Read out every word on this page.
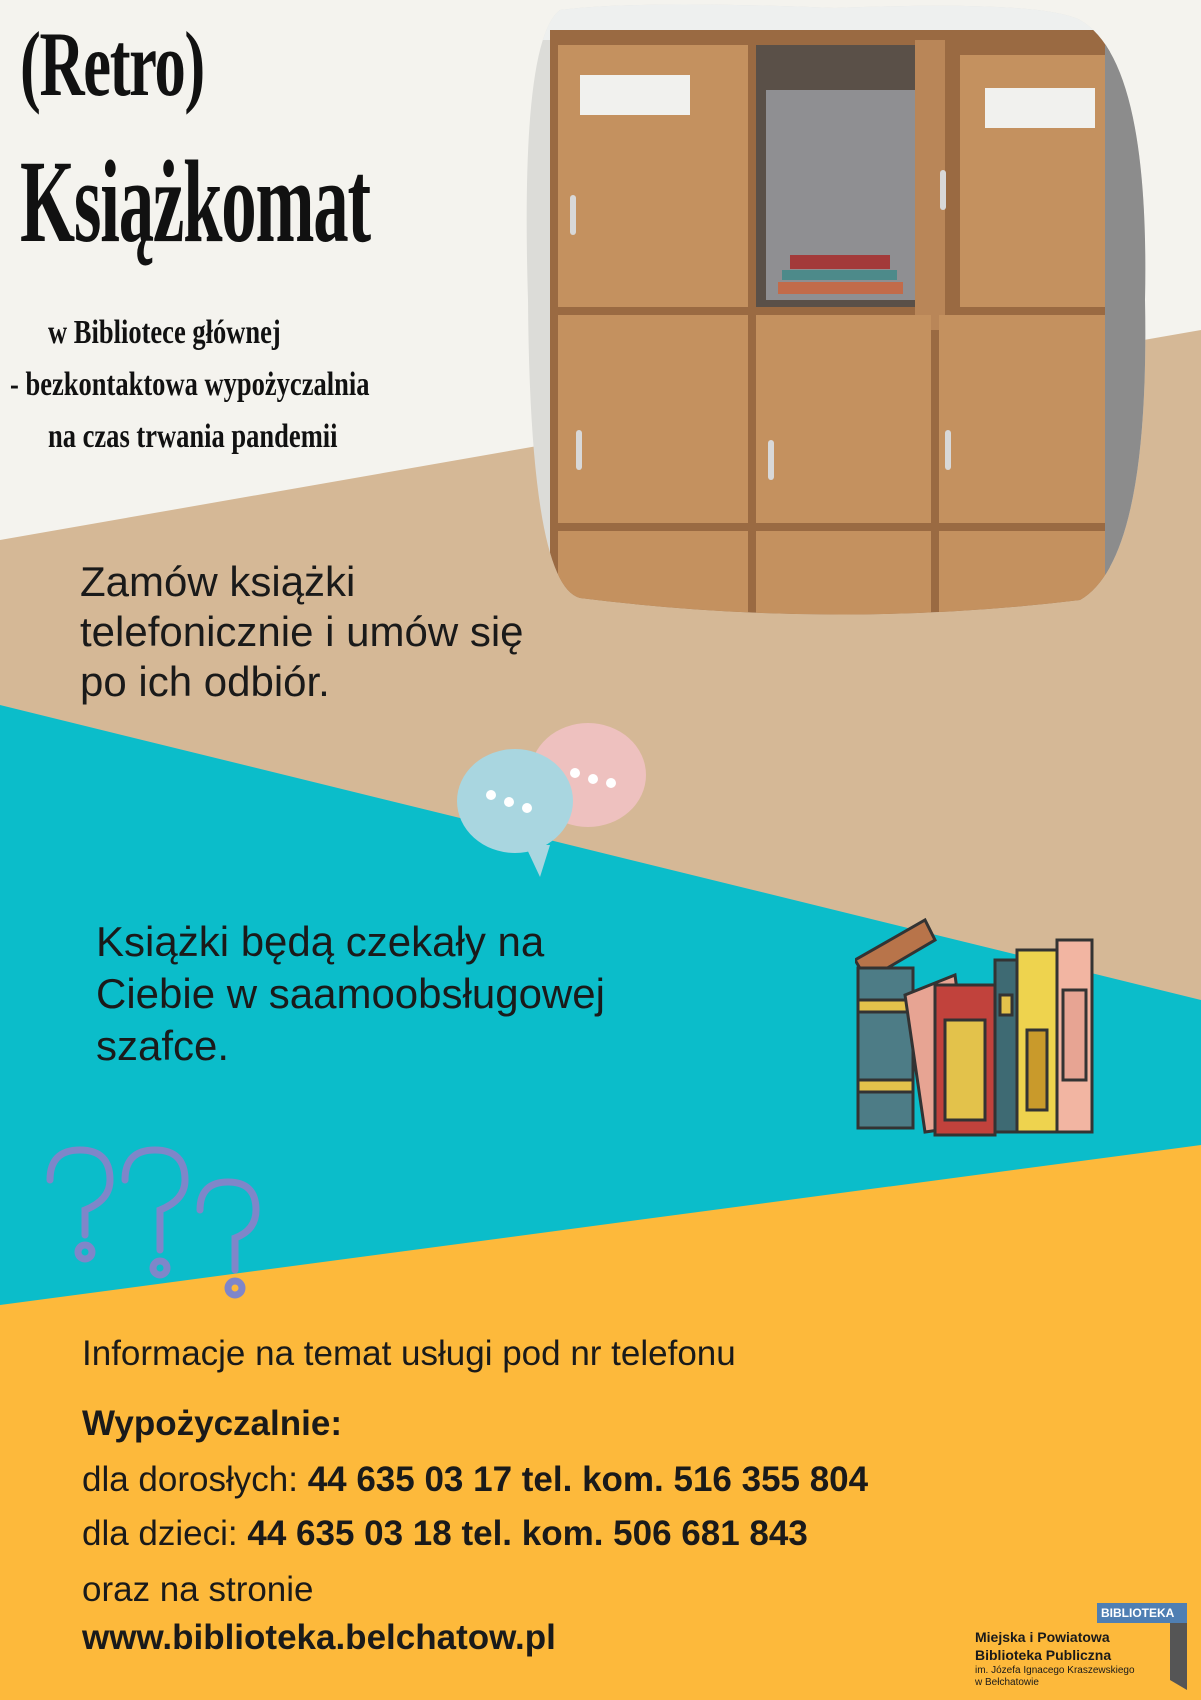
(Retro)
Książkomat
w Bibliotece głównej
- bezkontaktowa wypożyczalnia
na czas trwania pandemii
Zamów książki
telefonicznie i umów się
po ich odbiór.
Książki będą czekały na
Ciebie w saamoobsługowej
szafce.
Informacje na temat usługi pod nr telefonu
Wypożyczalnie:
dla dorosłych: 44 635 03 17 tel. kom. 516 355 804
dla dzieci: 44 635 03 18 tel. kom. 506 681 843
oraz na stronie
www.biblioteka.belchatow.pl
BIBLIOTEKA
Miejska i Powiatowa
Biblioteka Publiczna
im. Józefa Ignacego Kraszewskiego
w Bełchatowie
